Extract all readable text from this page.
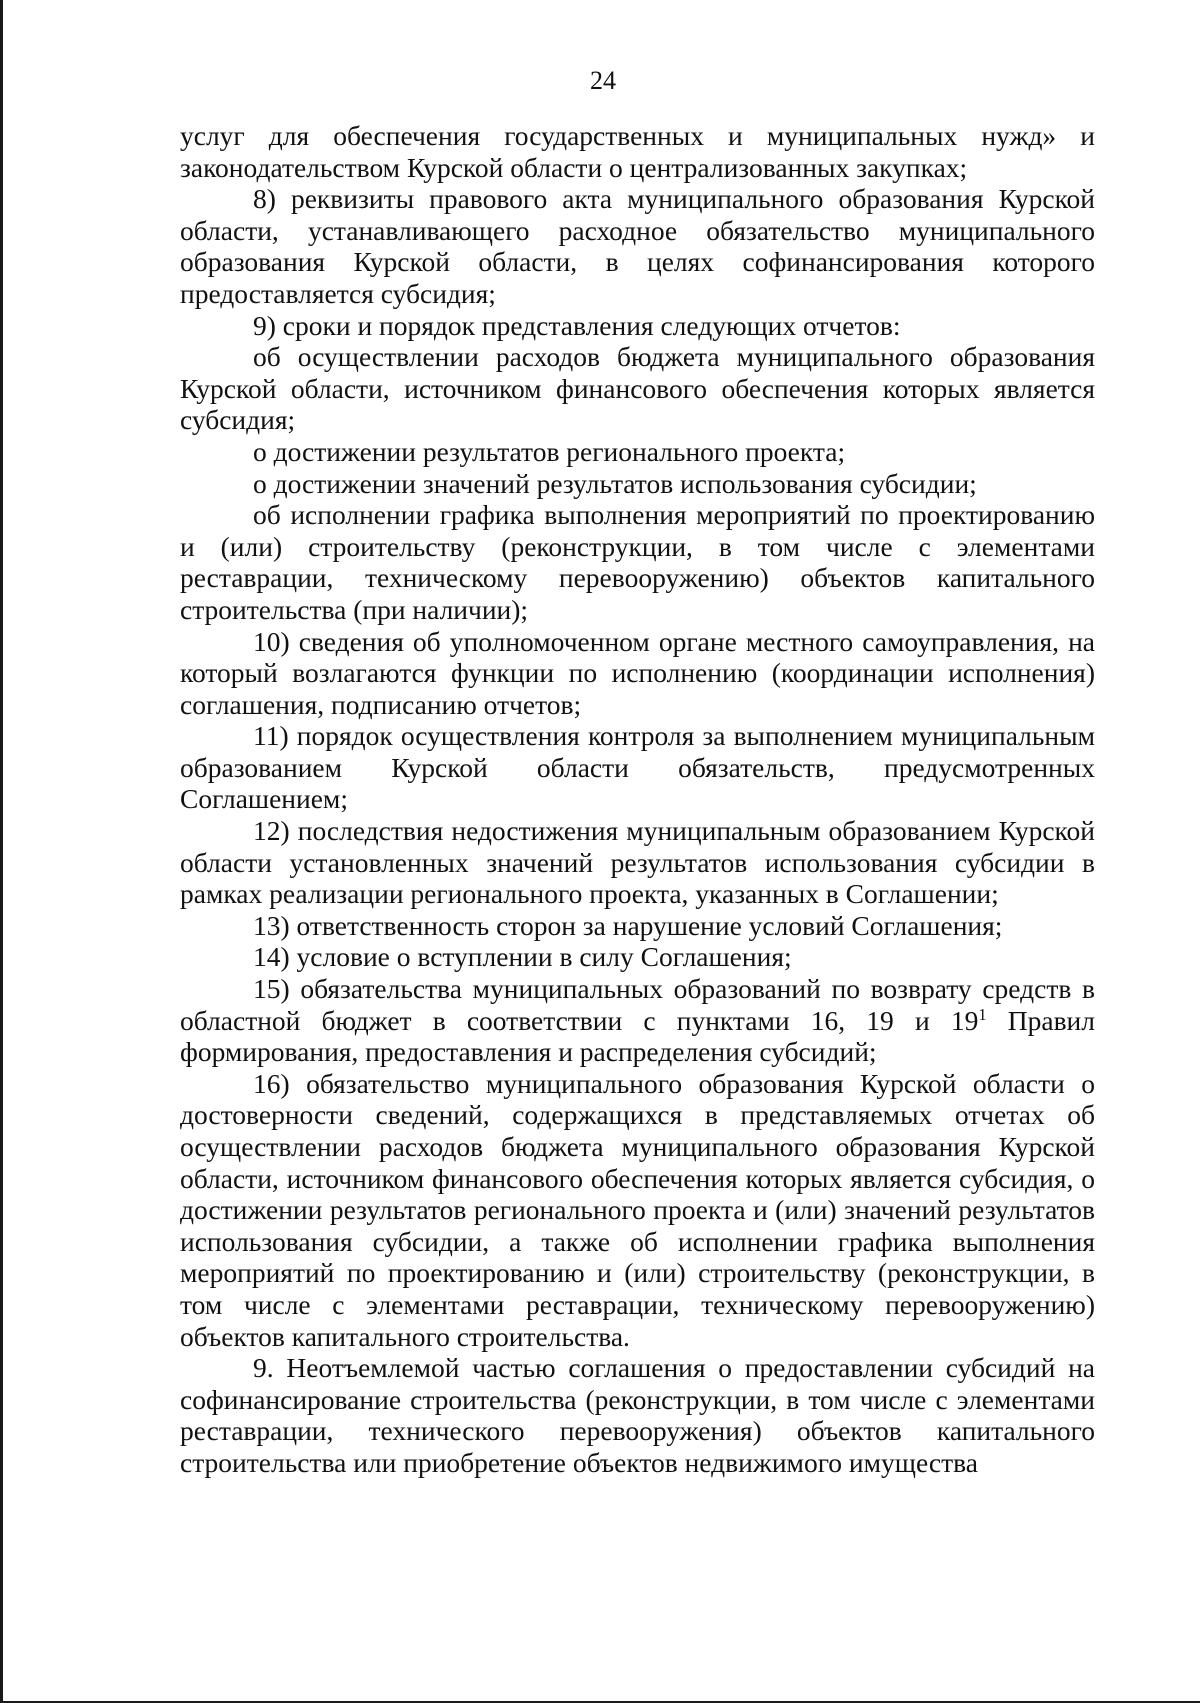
24

услуг для обеспечения государственных и муниципальных нужд» и законодательством Курской области о централизованных закупках;

8) реквизиты правового акта муниципального образования Курской области, устанавливающего расходное обязательство муниципального образования Курской области, в целях софинансирования которого предоставляется субсидия;

9) сроки и порядок представления следующих отчетов:

об осуществлении расходов бюджета муниципального образования Курской области, источником финансового обеспечения которых является субсидия;

о достижении результатов регионального проекта;

о достижении значений результатов использования субсидии;

об исполнении графика выполнения мероприятий по проектированию и (или) строительству (реконструкции, в том числе с элементами реставрации, техническому перевооружению) объектов капитального строительства (при наличии);

10) сведения об уполномоченном органе местного самоуправления, на который возлагаются функции по исполнению (координации исполнения) соглашения, подписанию отчетов;

11) порядок осуществления контроля за выполнением муниципальным образованием Курской области обязательств, предусмотренных Соглашением;

12) последствия недостижения муниципальным образованием Курской области установленных значений результатов использования субсидии в рамках реализации регионального проекта, указанных в Соглашении;

13) ответственность сторон за нарушение условий Соглашения;

14) условие о вступлении в силу Соглашения;

15) обязательства муниципальных образований по возврату средств в областной бюджет в соответствии с пунктами 16, 19 и $19^1$ Правил формирования, предоставления и распределения субсидий;

16) обязательство муниципального образования Курской области о достоверности сведений, содержащихся в представляемых отчетах об осуществлении расходов бюджета муниципального образования Курской области, источником финансового обеспечения которых является субсидия, о достижении результатов регионального проекта и (или) значений результатов использования субсидии, а также об исполнении графика выполнения мероприятий по проектированию и (или) строительству (реконструкции, в том числе с элементами реставрации, техническому перевооружению) объектов капитального строительства.

9. Неотъемлемой частью соглашения о предоставлении субсидий на софинансирование строительства (реконструкции, в том числе с элементами реставрации, технического перевооружения) объектов капитального строительства или приобретение объектов недвижимого имущества
